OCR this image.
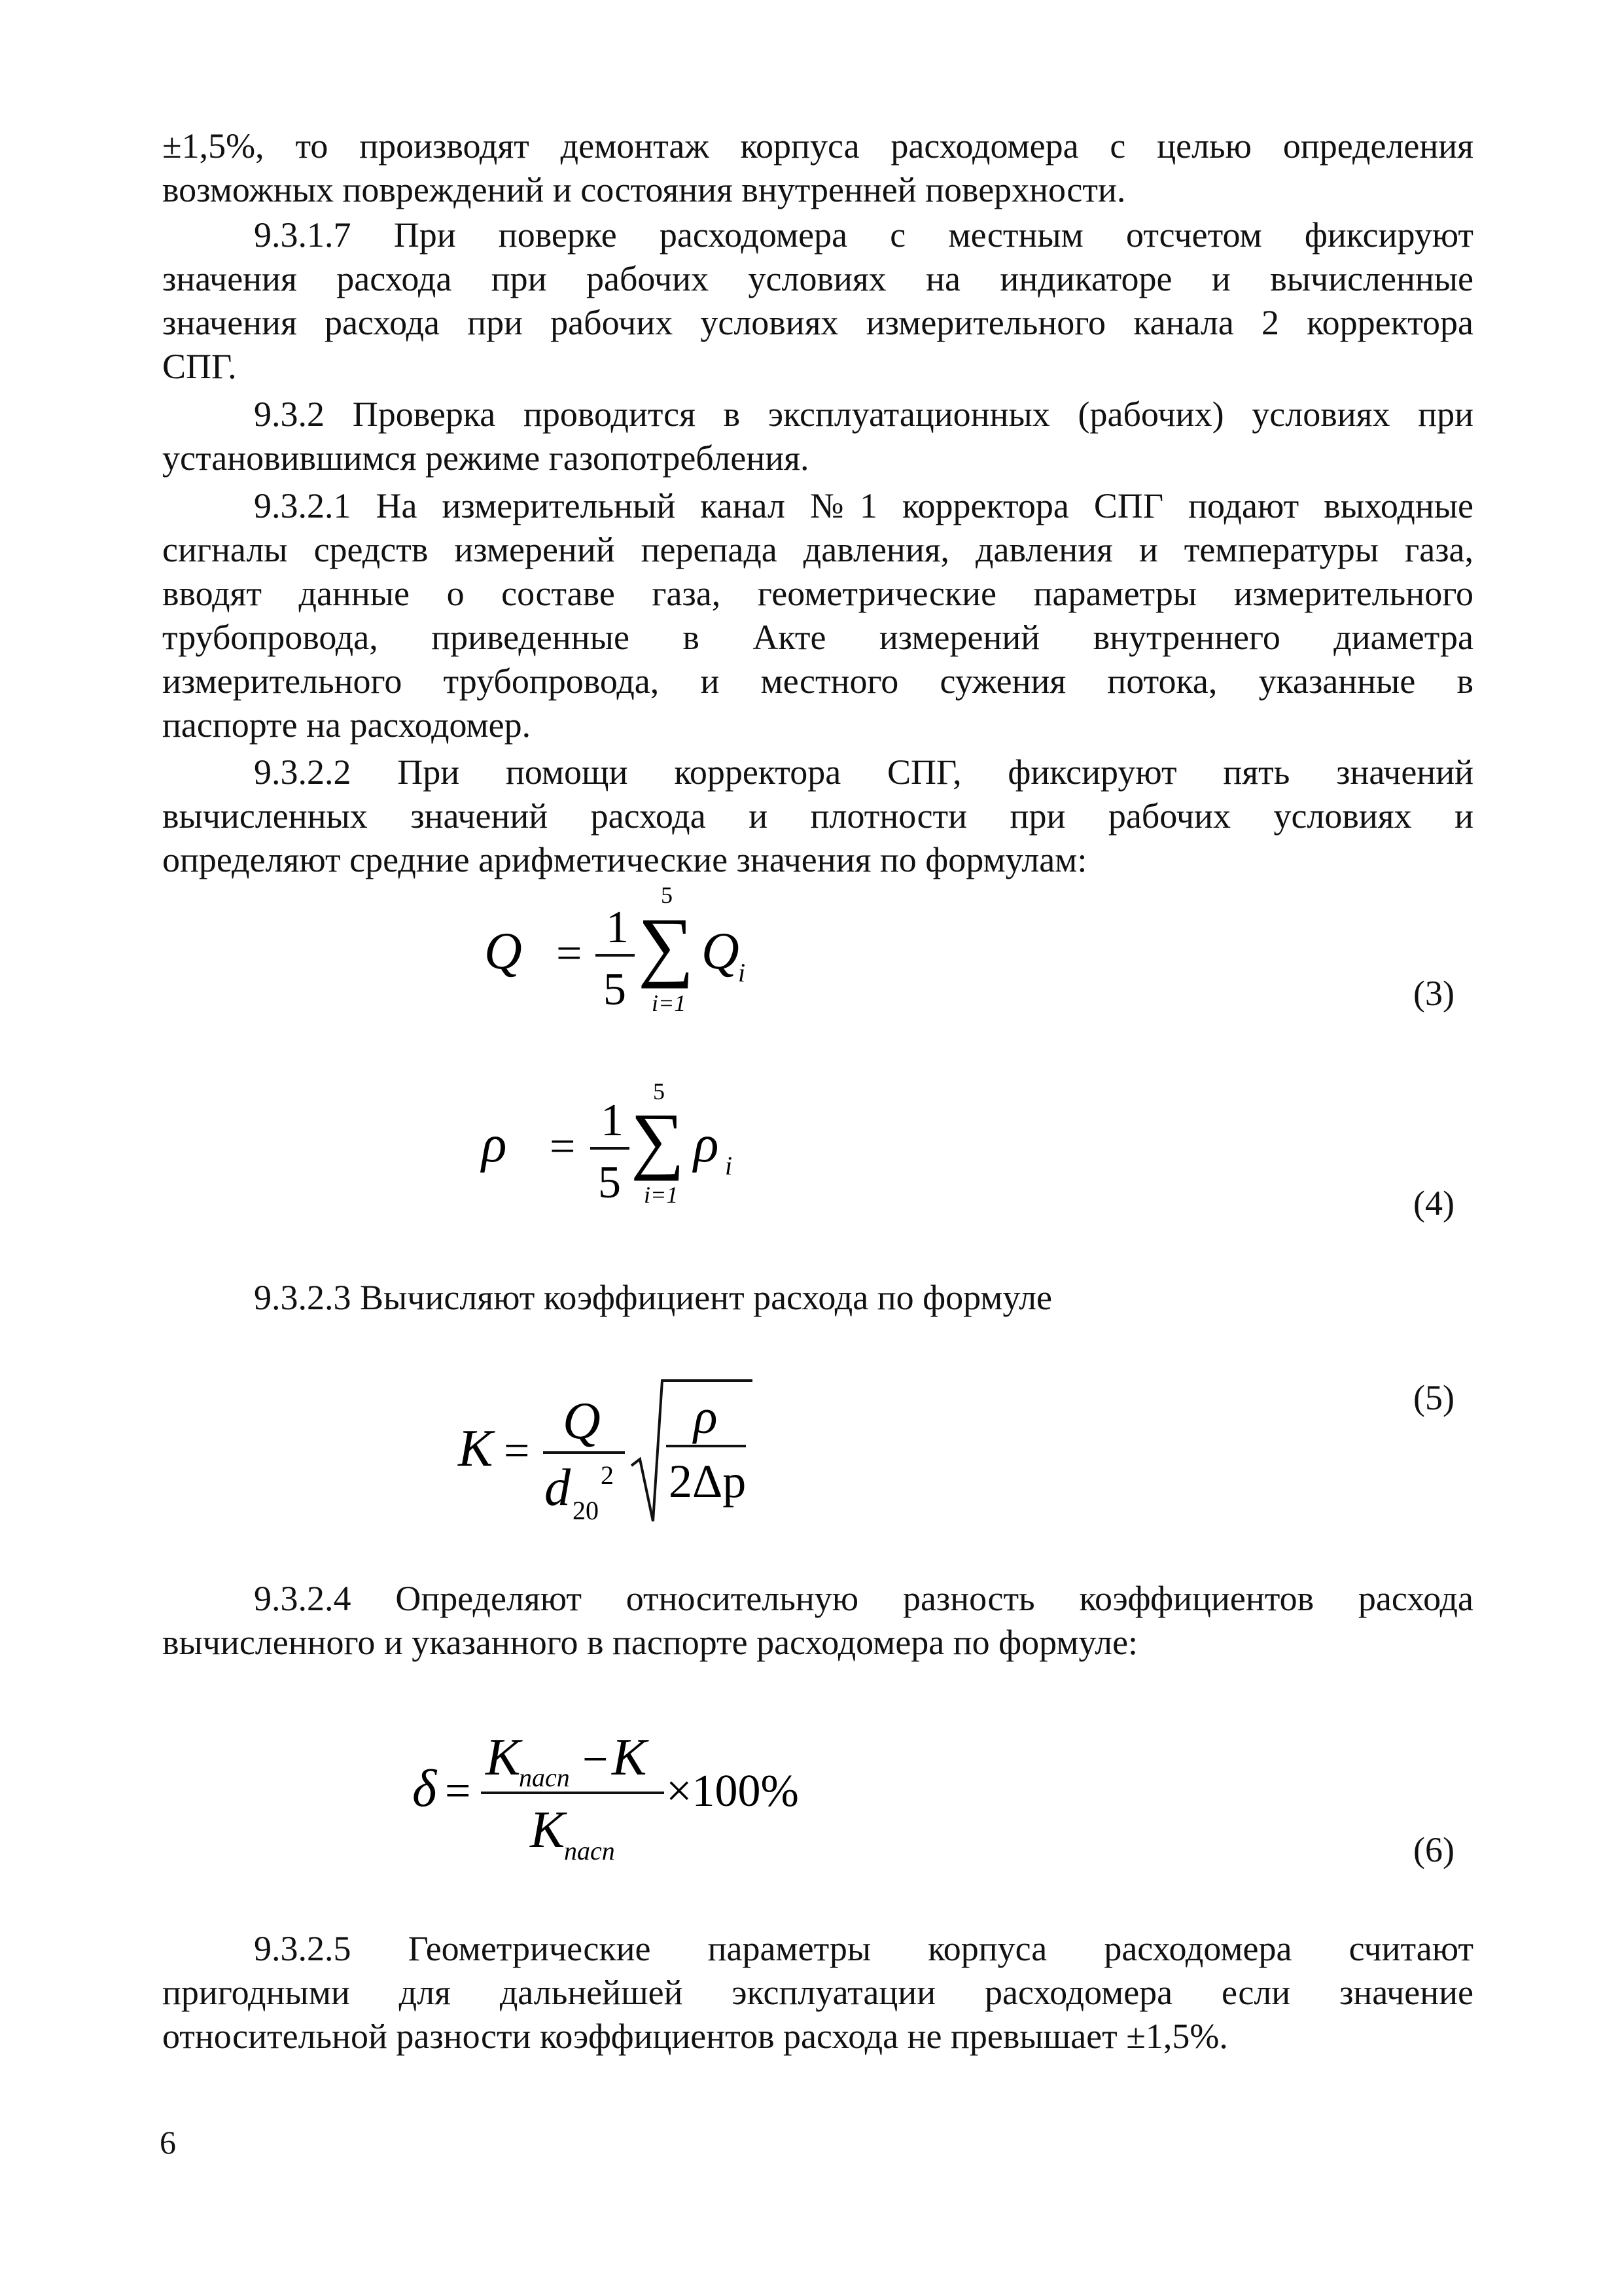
±1,5%, то производят демонтаж корпуса расходомера с целью определения
возможных повреждений и состояния внутренней поверхности.
9.3.1.7 При поверке расходомера с местным отсчетом фиксируют
значения расхода при рабочих условиях на индикаторе и вычисленные
значения расхода при рабочих условиях измерительного канала 2 корректора
СПГ.
9.3.2 Проверка проводится в эксплуатационных (рабочих) условиях при
установившимся режиме газопотребления.
9.3.2.1 На измерительный канал №1 корректора СПГ подают выходные
сигналы средств измерений перепада давления, давления и температуры газа,
вводят данные о составе газа, геометрические параметры измерительного
трубопровода, приведенные в Акте измерений внутреннего диаметра
измерительного трубопровода, и местного сужения потока, указанные в
паспорте на расходомер.
9.3.2.2 При помощи корректора СПГ, фиксируют пять значений
вычисленных значений расхода и плотности при рабочих условиях и
определяют средние арифметические значения по формулам:
Q =
1
5
5
∑
i=1
Q
i
(3)
ρ =
1
5
5
∑
i=1
ρ i
(4)
9.3.2.3 Вычисляют коэффициент расхода по формуле
K =
Q
d 20
2
ρ
2Δp
(5)
9.3.2.4 Определяют относительную разность коэффициентов расхода
вычисленного и указанного в паспорте расходомера по формуле:
δ =
K
пасп − K
K
пасп
×100%
(6)
9.3.2.5 Геометрические параметры корпуса расходомера считают
пригодными для дальнейшей эксплуатации расходомера если значение
относительной разности коэффициентов расхода не превышает ±1,5%.
6
